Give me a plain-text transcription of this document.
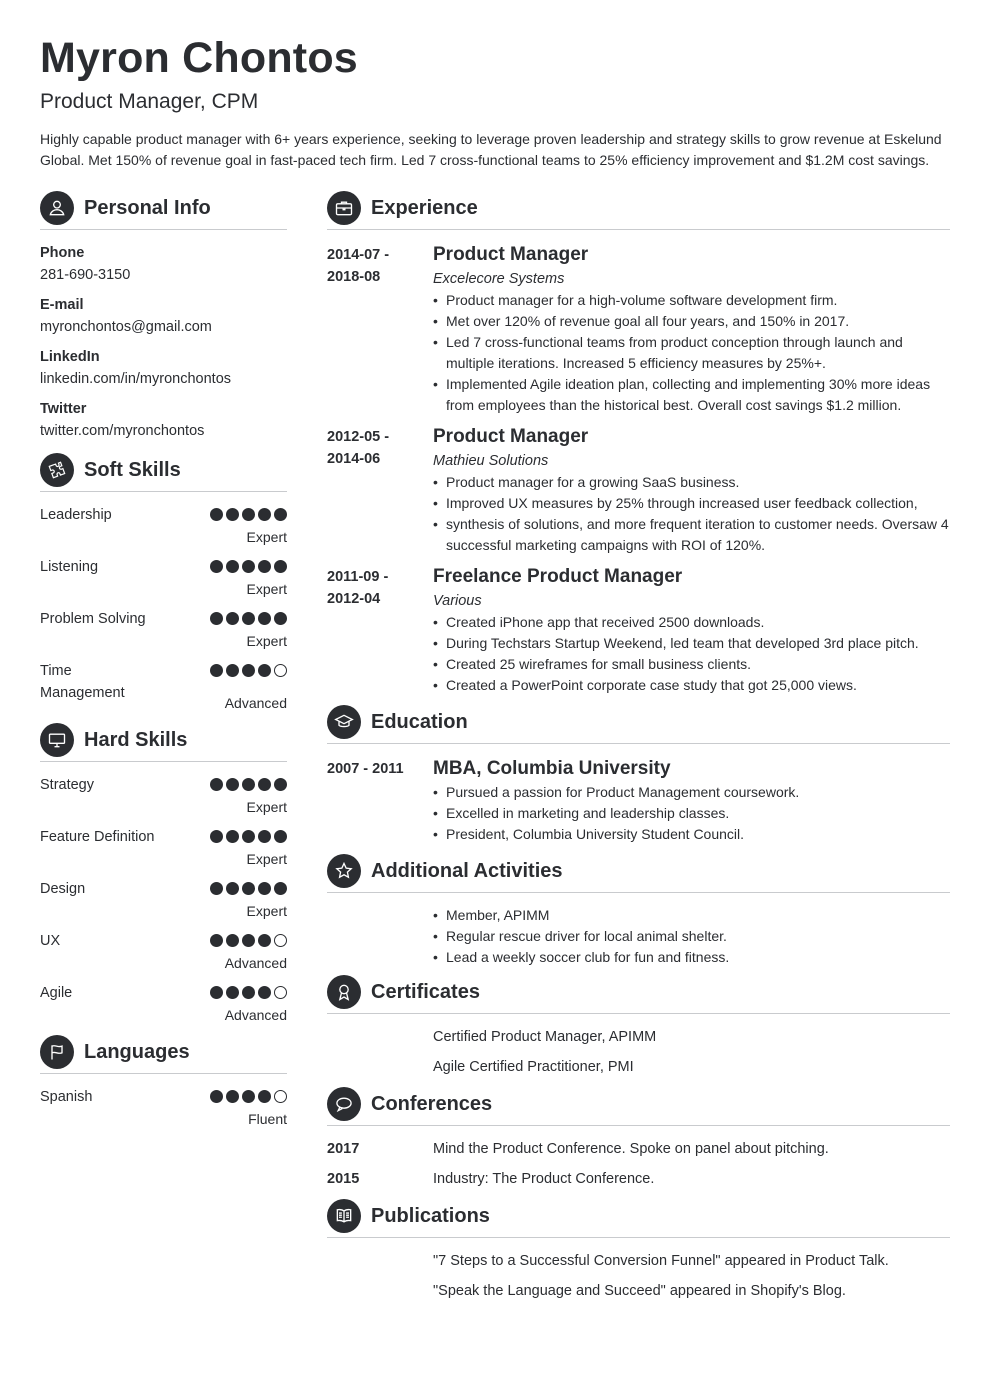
Myron Chontos
Product Manager, CPM
Highly capable product manager with 6+ years experience, seeking to leverage proven leadership and strategy skills to grow revenue at Eskelund Global. Met 150% of revenue goal in fast-paced tech firm. Led 7 cross-functional teams to 25% efficiency improvement and $1.2M cost savings.
Personal Info
Phone
281-690-3150
E-mail
myronchontos@gmail.com
LinkedIn
linkedin.com/in/myronchontos
Twitter
twitter.com/myronchontos
Soft Skills
Leadership
Expert
Listening
Expert
Problem Solving
Expert
Time Management
Advanced
Hard Skills
Strategy
Expert
Feature Definition
Expert
Design
Expert
UX
Advanced
Agile
Advanced
Languages
Spanish
Fluent
Experience
2014-07 - 2018-08
Product Manager
Excelecore Systems
• Product manager for a high-volume software development firm.
• Met over 120% of revenue goal all four years, and 150% in 2017.
• Led 7 cross-functional teams from product conception through launch and multiple iterations. Increased 5 efficiency measures by 25%+.
• Implemented Agile ideation plan, collecting and implementing 30% more ideas from employees than the historical best. Overall cost savings $1.2 million.
2012-05 - 2014-06
Product Manager
Mathieu Solutions
• Product manager for a growing SaaS business.
• Improved UX measures by 25% through increased user feedback collection,
• synthesis of solutions, and more frequent iteration to customer needs. Oversaw 4 successful marketing campaigns with ROI of 120%.
2011-09 - 2012-04
Freelance Product Manager
Various
• Created iPhone app that received 2500 downloads.
• During Techstars Startup Weekend, led team that developed 3rd place pitch.
• Created 25 wireframes for small business clients.
• Created a PowerPoint corporate case study that got 25,000 views.
Education
2007 - 2011	MBA, Columbia University
• Pursued a passion for Product Management coursework.
• Excelled in marketing and leadership classes.
• President, Columbia University Student Council.
Additional Activities
• Member, APIMM
• Regular rescue driver for local animal shelter.
• Lead a weekly soccer club for fun and fitness.
Certificates
Certified Product Manager, APIMM
Agile Certified Practitioner, PMI
Conferences
2017	Mind the Product Conference. Spoke on panel about pitching.
2015	Industry: The Product Conference.
Publications
"7 Steps to a Successful Conversion Funnel" appeared in Product Talk.
"Speak the Language and Succeed" appeared in Shopify's Blog.
